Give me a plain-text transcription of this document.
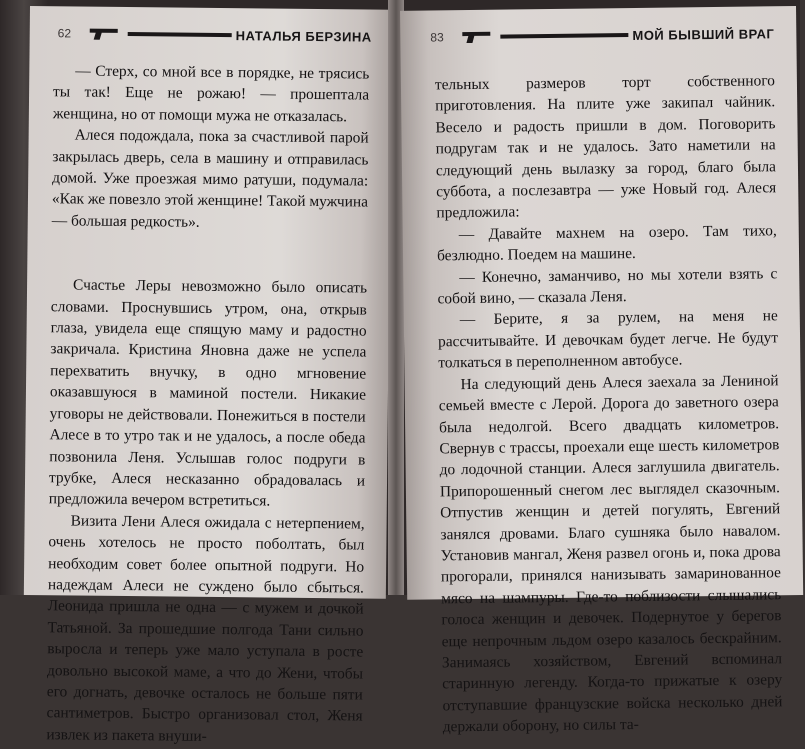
62	НАТАЛЬЯ БЕРЗИНА

— Стерх, со мной все в порядке, не трясись ты так! Еще не рожаю! — прошептала женщина, но от помощи мужа не отказалась.

Алеся подождала, пока за счастливой парой закрылась дверь, села в машину и отправилась домой. Уже проезжая мимо ратуши, подумала: «Как же повезло этой женщине! Такой мужчина — большая редкость».

Счастье Леры невозможно было описать словами. Проснувшись утром, она, открыв глаза, увидела еще спящую маму и радостно закричала. Кристина Яновна даже не успела перехватить внучку, в одно мгновение оказавшуюся в маминой постели. Никакие уговоры не действовали. Понежиться в постели Алесе в то утро так и не удалось, а после обеда позвонила Леня. Услышав голос подруги в трубке, Алеся несказанно обрадовалась и предложила вечером встретиться.

Визита Лени Алеся ожидала с нетерпением, очень хотелось не просто поболтать, был необходим совет более опытной подруги. Но надеждам Алеси не суждено было сбыться. Леонида пришла не одна — с мужем и дочкой Татьяной. За прошедшие полгода Тани сильно выросла и теперь уже мало уступала в росте довольно высокой маме, а что до Жени, чтобы его догнать, девочке осталось не больше пяти сантиметров. Быстро организовал стол, Женя извлек из пакета внуши-

83	МОЙ БЫВШИЙ ВРАГ

тельных размеров торт собственного приготовления. На плите уже закипал чайник. Весело и радость пришли в дом. Поговорить подругам так и не удалось. Зато наметили на следующий день вылазку за город, благо была суббота, а послезавтра — уже Новый год. Алеся предложила:

— Давайте махнем на озеро. Там тихо, безлюдно. Поедем на машине.

— Конечно, заманчиво, но мы хотели взять с собой вино, — сказала Леня.

— Берите, я за рулем, на меня не рассчитывайте. И девочкам будет легче. Не будут толкаться в переполненном автобусе.

На следующий день Алеся заехала за Лениной семьей вместе с Лерой. Дорога до заветного озера была недолгой. Всего двадцать километров. Свернув с трассы, проехали еще шесть километров до лодочной станции. Алеся заглушила двигатель. Припорошенный снегом лес выглядел сказочным. Отпустив женщин и детей погулять, Евгений занялся дровами. Благо сушняка было навалом. Установив мангал, Женя развел огонь и, пока дрова прогорали, принялся нанизывать замаринованное мясо на шампуры. Где-то поблизости слышались голоса женщин и девочек. Подернутое у берегов еще непрочным льдом озеро казалось бескрайним. Занимаясь хозяйством, Евгений вспоминал старинную легенду. Когда-то прижатые к озеру отступавшие французские войска несколько дней держали оборону, но силы та-
